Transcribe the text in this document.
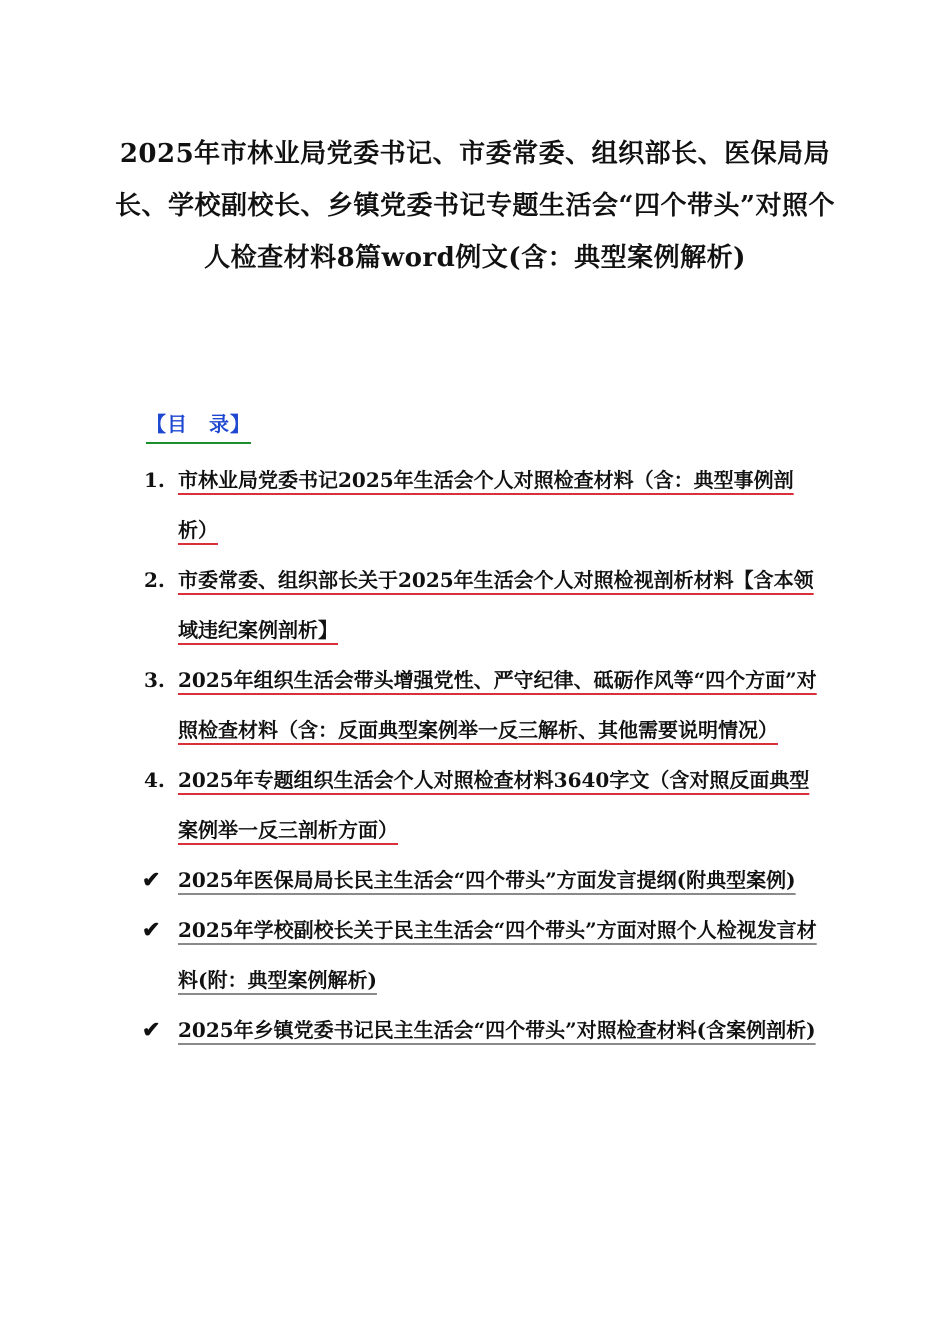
2025年市林业局党委书记、市委常委、组织部长、医保局局长、学校副校长、乡镇党委书记专题生活会“四个带头”对照个人检查材料8篇word例文(含：典型案例解析)
【目　录】
1. 市林业局党委书记2025年生活会个人对照检查材料（含：典型事例剖析）
2. 市委常委、组织部长关于2025年生活会个人对照检视剖析材料【含本领域违纪案例剖析】
3. 2025年组织生活会带头增强党性、严守纪律、砥砺作风等“四个方面”对照检查材料（含：反面典型案例举一反三解析、其他需要说明情况）
4. 2025年专题组织生活会个人对照检查材料3640字文（含对照反面典型案例举一反三剖析方面）
✔ 2025年医保局局长民主生活会“四个带头”方面发言提纲(附典型案例)
✔ 2025年学校副校长关于民主生活会“四个带头”方面对照个人检视发言材料(附：典型案例解析)
✔ 2025年乡镇党委书记民主生活会“四个带头”对照检查材料(含案例剖析)
